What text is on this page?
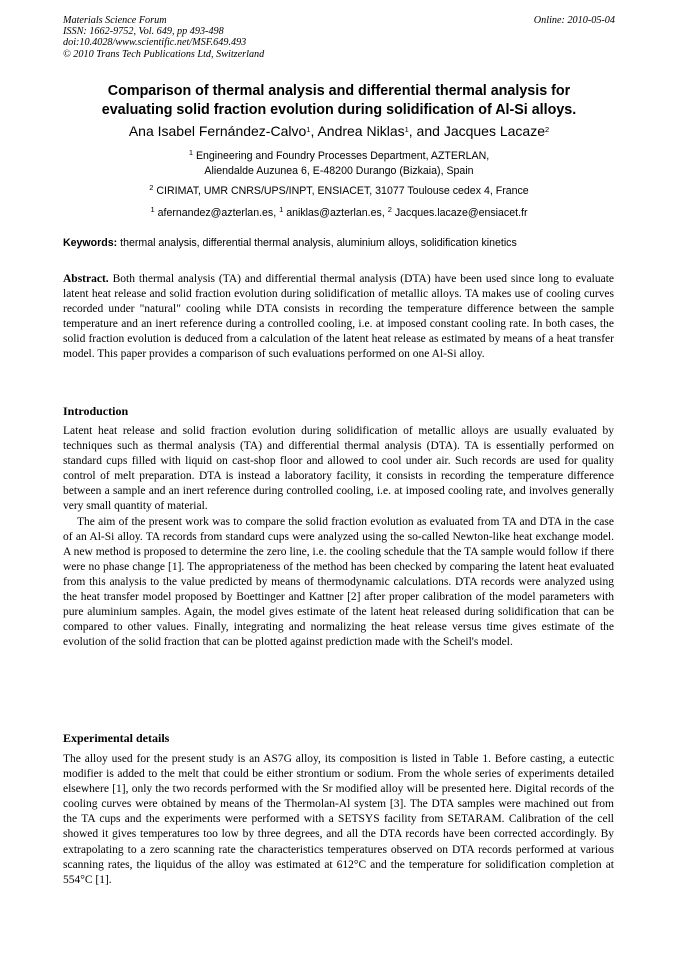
Materials Science Forum
ISSN: 1662-9752, Vol. 649, pp 493-498
doi:10.4028/www.scientific.net/MSF.649.493
© 2010 Trans Tech Publications Ltd, Switzerland
Online: 2010-05-04
Comparison of thermal analysis and differential thermal analysis for
evaluating solid fraction evolution during solidification of Al-Si alloys.
Ana Isabel Fernández-Calvo$^1$, Andrea Niklas$^1$, and Jacques Lacaze$^2$
$^1$ Engineering and Foundry Processes Department, AZTERLAN,
Aliendalde Auzunea 6, E-48200 Durango (Bizkaia), Spain
$^2$ CIRIMAT, UMR CNRS/UPS/INPT, ENSIACET, 31077 Toulouse cedex 4, France
$^1$ afernandez@azterlan.es, $^1$ aniklas@azterlan.es, $^2$ Jacques.lacaze@ensiacet.fr
Keywords: thermal analysis, differential thermal analysis, aluminium alloys, solidification kinetics

Abstract. Both thermal analysis (TA) and differential thermal analysis (DTA) have been used since long to evaluate latent heat release and solid fraction evolution during solidification of metallic alloys. TA makes use of cooling curves recorded under "natural" cooling while DTA consists in recording the temperature difference between the sample temperature and an inert reference during a controlled cooling, i.e. at imposed constant cooling rate. In both cases, the solid fraction evolution is deduced from a calculation of the latent heat release as estimated by means of a heat transfer model. This paper provides a comparison of such evaluations performed on one Al-Si alloy.

Introduction

Latent heat release and solid fraction evolution during solidification of metallic alloys are usually evaluated by techniques such as thermal analysis (TA) and differential thermal analysis (DTA). TA is essentially performed on standard cups filled with liquid on cast-shop floor and allowed to cool under air. Such records are used for quality control of melt preparation. DTA is instead a laboratory facility, it consists in recording the temperature difference between a sample and an inert reference during controlled cooling, i.e. at imposed cooling rate, and involves generally very small quantity of material.

The aim of the present work was to compare the solid fraction evolution as evaluated from TA and DTA in the case of an Al-Si alloy. TA records from standard cups were analyzed using the so-called Newton-like heat exchange model. A new method is proposed to determine the zero line, i.e. the cooling schedule that the TA sample would follow if there were no phase change [1]. The appropriateness of the method has been checked by comparing the latent heat evaluated from this analysis to the value predicted by means of thermodynamic calculations. DTA records were analyzed using the heat transfer model proposed by Boettinger and Kattner [2] after proper calibration of the model parameters with pure aluminium samples. Again, the model gives estimate of the latent heat released during solidification that can be compared to other values. Finally, integrating and normalizing the heat release versus time gives estimate of the evolution of the solid fraction that can be plotted against prediction made with the Scheil's model.

Experimental details

The alloy used for the present study is an AS7G alloy, its composition is listed in Table 1. Before casting, a eutectic modifier is added to the melt that could be either strontium or sodium. From the whole series of experiments detailed elsewhere [1], only the two records performed with the Sr modified alloy will be presented here. Digital records of the cooling curves were obtained by means of the Thermolan-Al system [3]. The DTA samples were machined out from the TA cups and the experiments were performed with a SETSYS facility from SETARAM. Calibration of the cell showed it gives temperatures too low by three degrees, and all the DTA records have been corrected accordingly. By extrapolating to a zero scanning rate the characteristics temperatures observed on DTA records performed at various scanning rates, the liquidus of the alloy was estimated at 612°C and the temperature for solidification completion at 554°C [1].
